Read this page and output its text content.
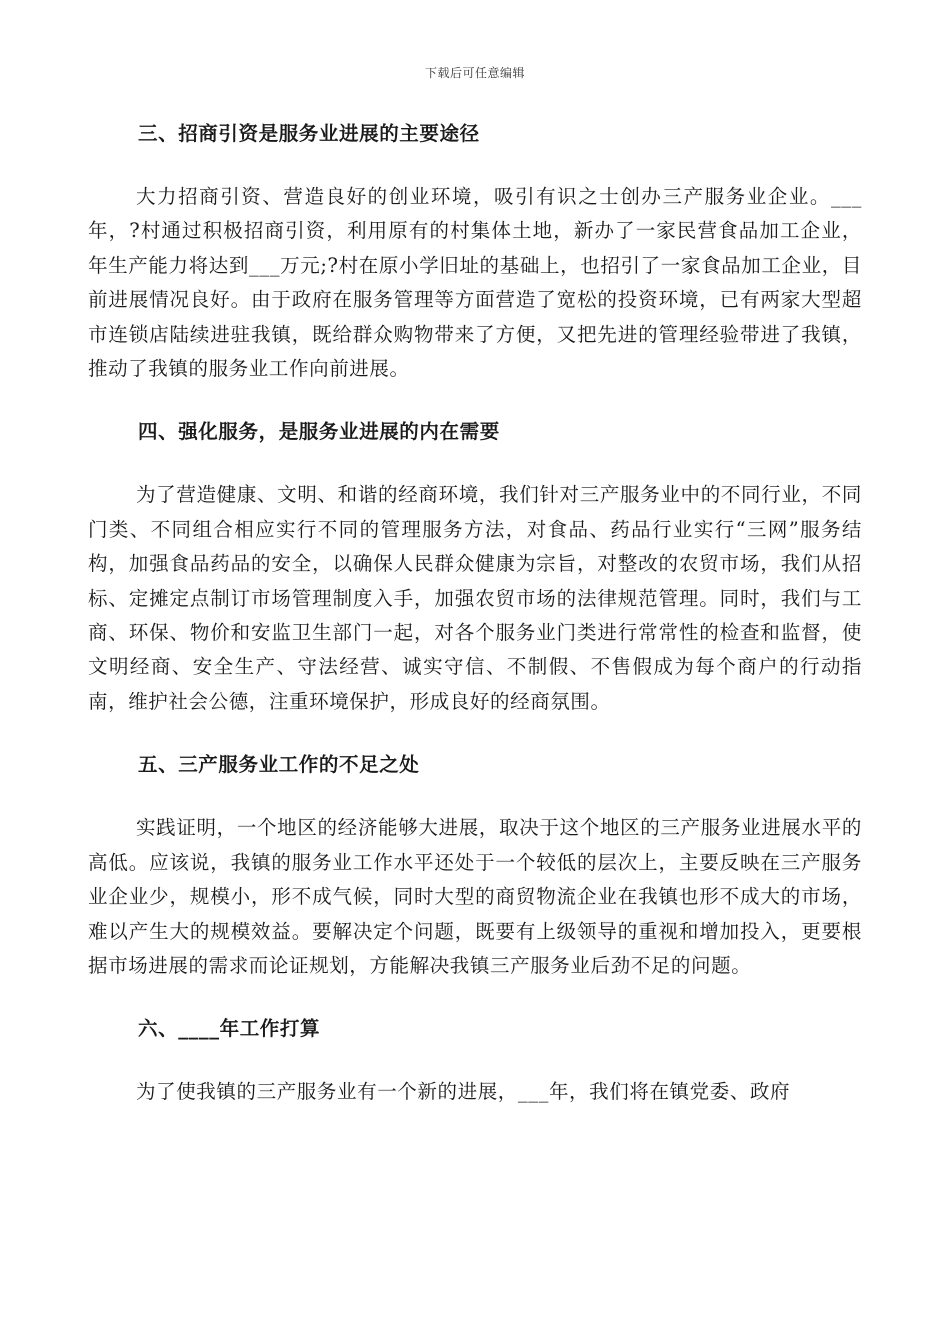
下载后可任意编辑
三、招商引资是服务业进展的主要途径

大力招商引资、营造良好的创业环境，吸引有识之士创办三产服务业企业。___年，?村通过积极招商引资，利用原有的村集体土地，新办了一家民营食品加工企业，年生产能力将达到___万元;?村在原小学旧址的基础上，也招引了一家食品加工企业，目前进展情况良好。由于政府在服务管理等方面营造了宽松的投资环境，已有两家大型超市连锁店陆续进驻我镇，既给群众购物带来了方便，又把先进的管理经验带进了我镇，推动了我镇的服务业工作向前进展。

四、强化服务，是服务业进展的内在需要

为了营造健康、文明、和谐的经商环境，我们针对三产服务业中的不同行业，不同门类、不同组合相应实行不同的管理服务方法，对食品、药品行业实行“三网”服务结构，加强食品药品的安全，以确保人民群众健康为宗旨，对整改的农贸市场，我们从招标、定摊定点制订市场管理制度入手，加强农贸市场的法律规范管理。同时，我们与工商、环保、物价和安监卫生部门一起，对各个服务业门类进行常常性的检查和监督，使文明经商、安全生产、守法经营、诚实守信、不制假、不售假成为每个商户的行动指南，维护社会公德，注重环境保护，形成良好的经商氛围。

五、三产服务业工作的不足之处

实践证明，一个地区的经济能够大进展，取决于这个地区的三产服务业进展水平的高低。应该说，我镇的服务业工作水平还处于一个较低的层次上，主要反映在三产服务业企业少，规模小，形不成气候，同时大型的商贸物流企业在我镇也形不成大的市场，难以产生大的规模效益。要解决定个问题，既要有上级领导的重视和增加投入，更要根据市场进展的需求而论证规划，方能解决我镇三产服务业后劲不足的问题。

六、____年工作打算

为了使我镇的三产服务业有一个新的进展，___年，我们将在镇党委、政府
